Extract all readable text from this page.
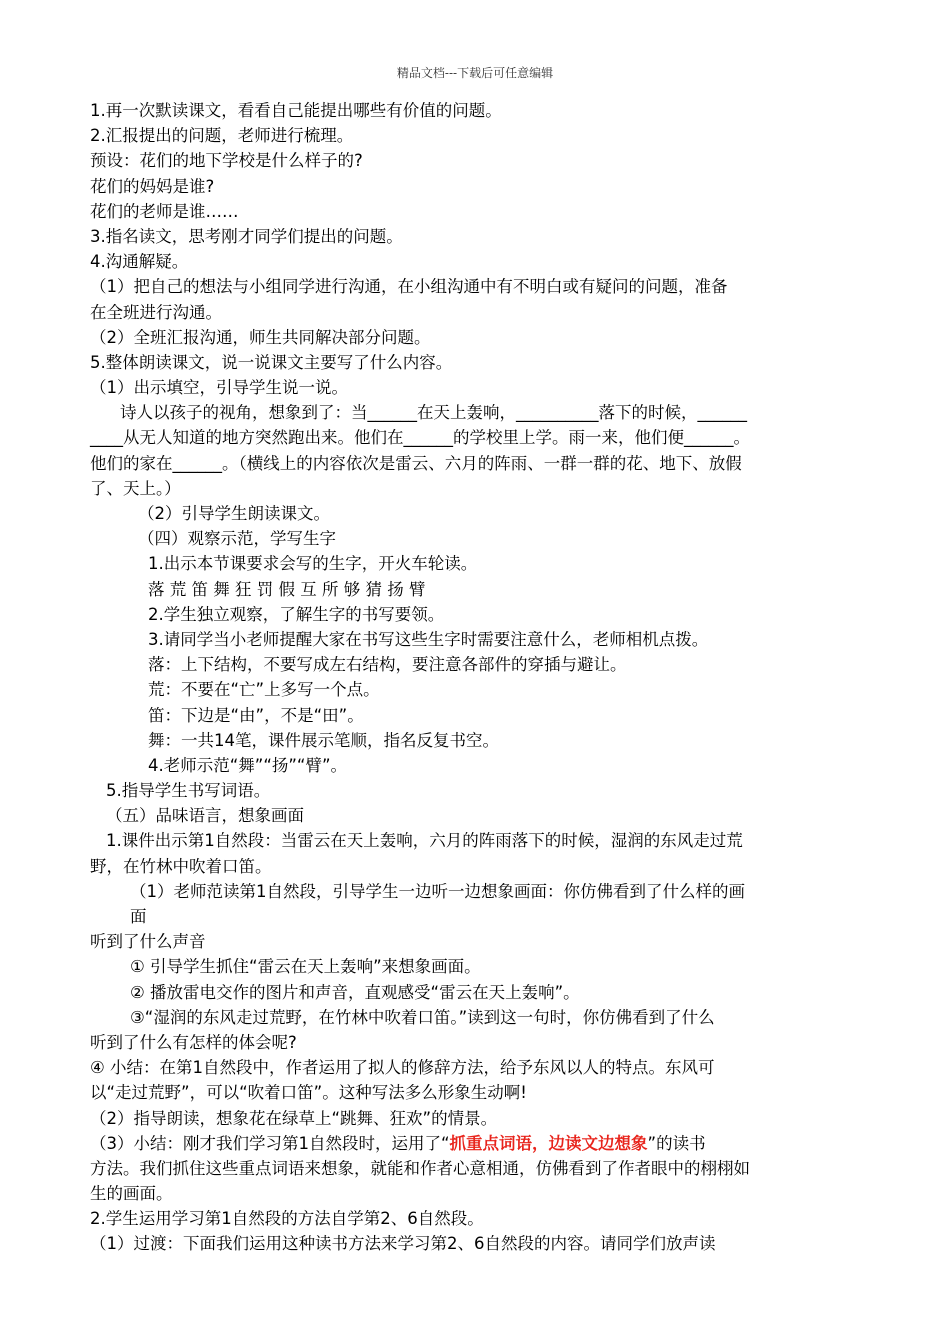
精品文档---下载后可任意编辑
1.再一次默读课文，看看自己能提出哪些有价值的问题。
2.汇报提出的问题，老师进行梳理。
预设：花们的地下学校是什么样子的?
花们的妈妈是谁?
花们的老师是谁……
3.指名读文，思考刚才同学们提出的问题。
4.沟通解疑。
（1）把自己的想法与小组同学进行沟通，在小组沟通中有不明白或有疑问的问题，准备
在全班进行沟通。
（2）全班汇报沟通，师生共同解决部分问题。
5.整体朗读课文，说一说课文主要写了什么内容。
（1）出示填空，引导学生说一说。
诗人以孩子的视角，想象到了：当______在天上轰响，__________落下的时候，______
____从无人知道的地方突然跑出来。他们在______的学校里上学。雨一来，他们便______。
他们的家在______。（横线上的内容依次是雷云、六月的阵雨、一群一群的花、地下、放假
了、天上。）
（2）引导学生朗读课文。
（四）观察示范，学写生字
1.出示本节课要求会写的生字，开火车轮读。
落 荒 笛 舞 狂 罚 假 互 所 够 猜 扬 臂
2.学生独立观察，了解生字的书写要领。
3.请同学当小老师提醒大家在书写这些生字时需要注意什么，老师相机点拨。
落：上下结构，不要写成左右结构，要注意各部件的穿插与避让。
荒：不要在“亡”上多写一个点。
笛：下边是“由”，不是“田”。
舞：一共14笔，课件展示笔顺，指名反复书空。
4.老师示范“舞”“扬”“臂”。
5.指导学生书写词语。
（五）品味语言，想象画面
1.课件出示第1自然段：当雷云在天上轰响，六月的阵雨落下的时候，湿润的东风走过荒
野，在竹林中吹着口笛。
（1）老师范读第1自然段，引导学生一边听一边想象画面：你仿佛看到了什么样的画
面
听到了什么声音
① 引导学生抓住“雷云在天上轰响”来想象画面。
② 播放雷电交作的图片和声音，直观感受“雷云在天上轰响”。
③“湿润的东风走过荒野，在竹林中吹着口笛。”读到这一句时，你仿佛看到了什么
听到了什么有怎样的体会呢?
④ 小结：在第1自然段中，作者运用了拟人的修辞方法，给予东风以人的特点。东风可
以“走过荒野”，可以“吹着口笛”。这种写法多么形象生动啊!
（2）指导朗读，想象花在绿草上“跳舞、狂欢”的情景。
（3）小结：刚才我们学习第1自然段时，运用了“抓重点词语，边读文边想象”的读书
方法。我们抓住这些重点词语来想象，就能和作者心意相通，仿佛看到了作者眼中的栩栩如
生的画面。
2.学生运用学习第1自然段的方法自学第2、6自然段。
（1）过渡：下面我们运用这种读书方法来学习第2、6自然段的内容。请同学们放声读
